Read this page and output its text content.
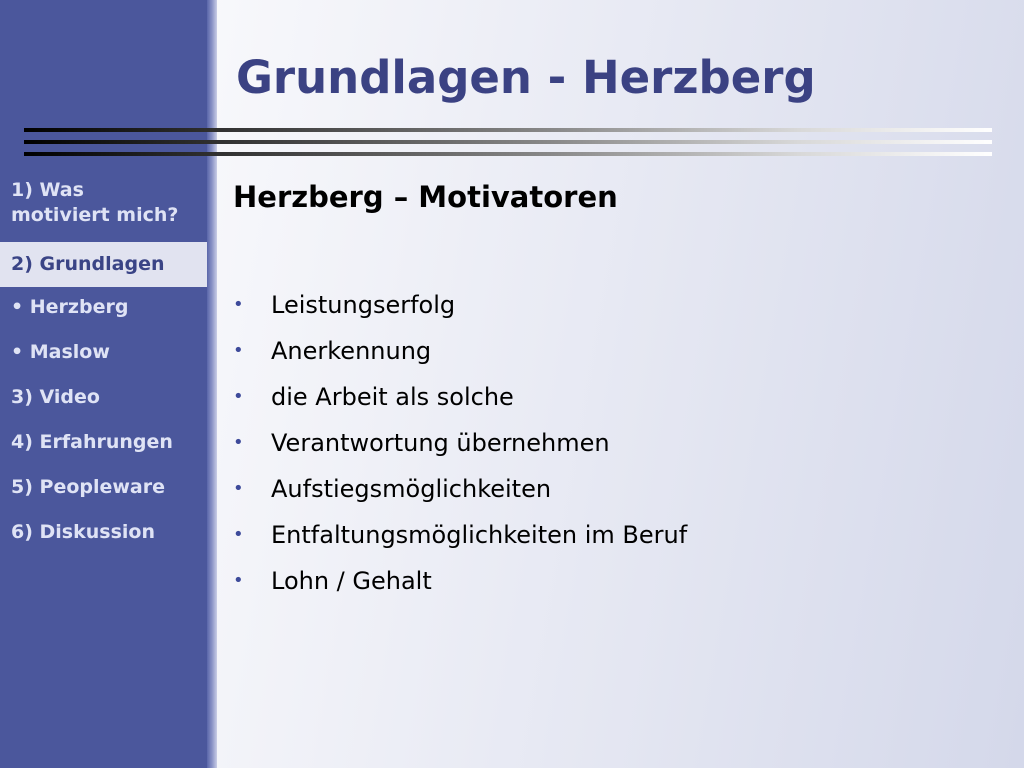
1) Was
motiviert mich?
2) Grundlagen
• Herzberg
• Maslow
3) Video
4) Erfahrungen
5) Peopleware
6) Diskussion
Grundlagen - Herzberg
Herzberg – Motivatoren
• Leistungserfolg
• Anerkennung
• die Arbeit als solche
• Verantwortung übernehmen
• Aufstiegsmöglichkeiten
• Entfaltungsmöglichkeiten im Beruf
• Lohn / Gehalt
